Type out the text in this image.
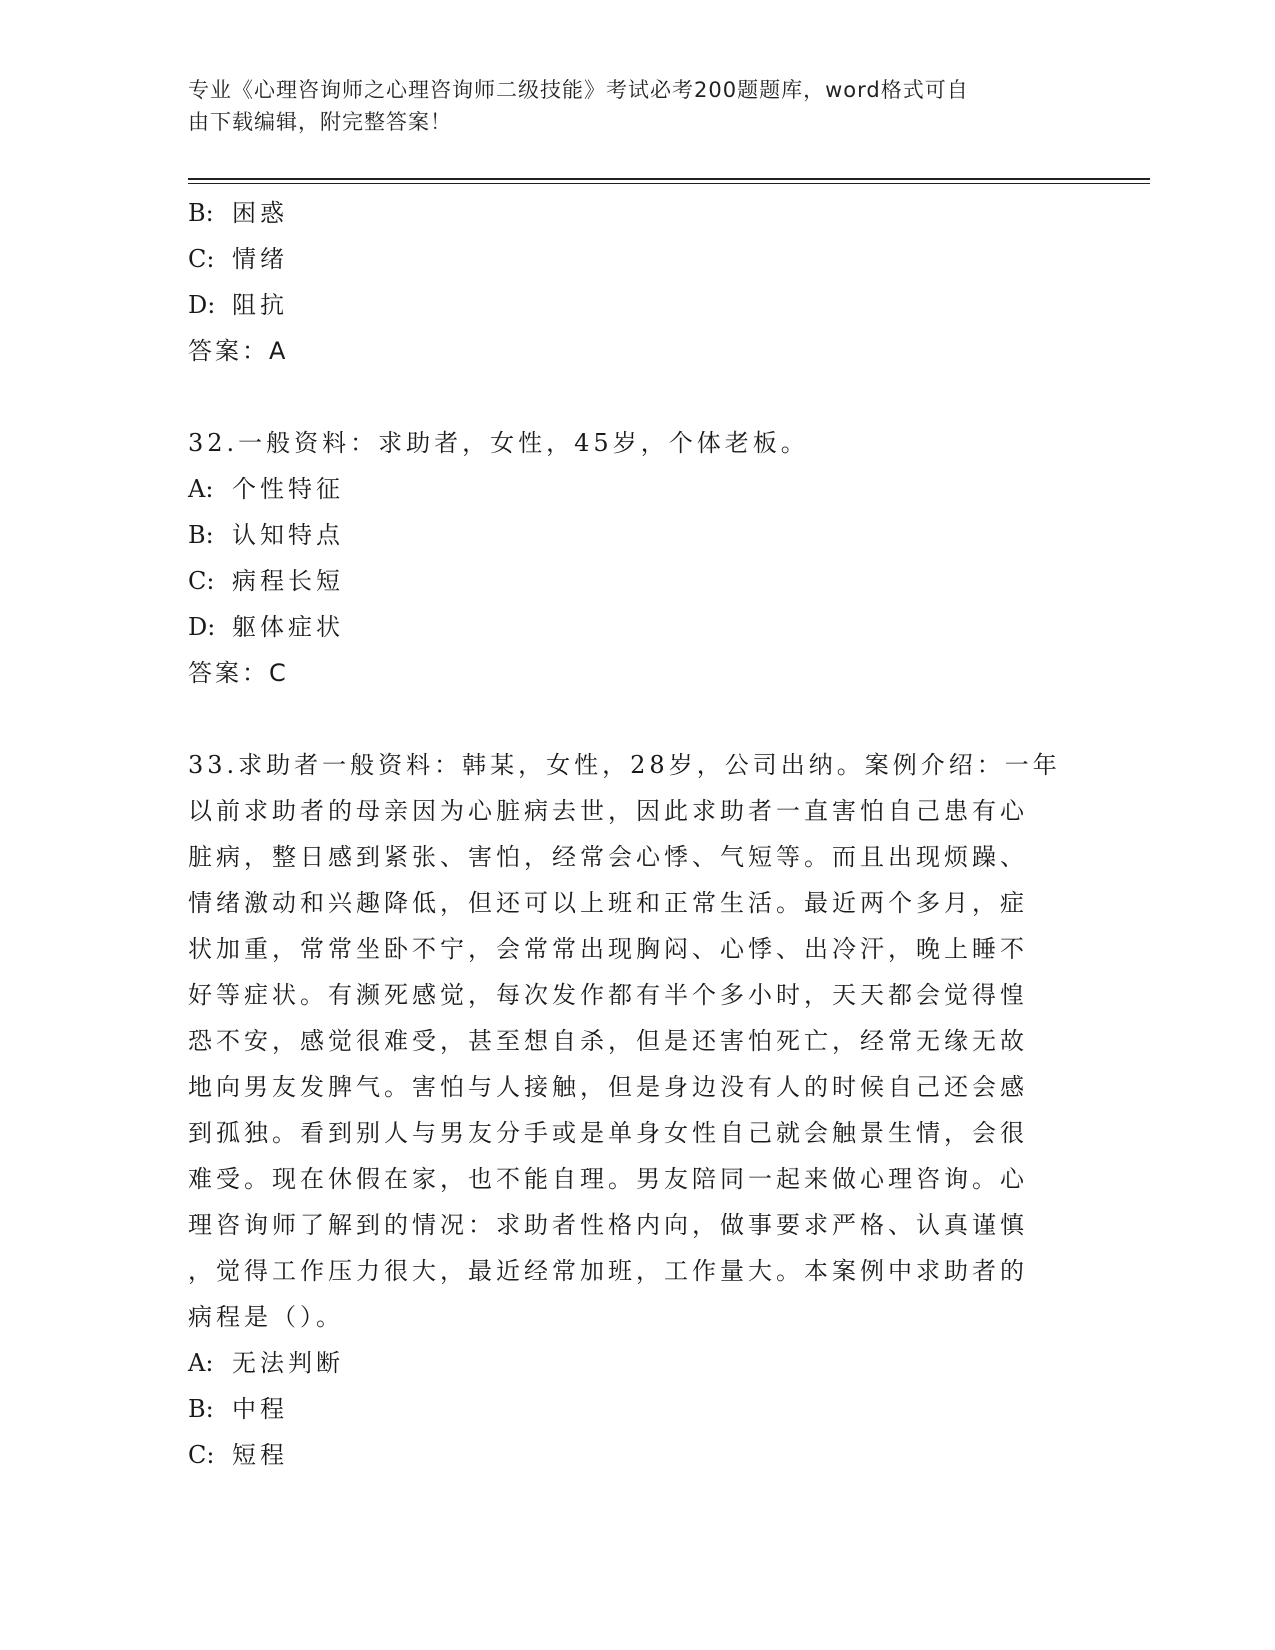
专业《心理咨询师之心理咨询师二级技能》考试必考200题题库，word格式可自
由下载编辑，附完整答案！
B: 困惑
C: 情绪
D: 阻抗
答案：A
32.一般资料：求助者，女性，45岁，个体老板。
A: 个性特征
B: 认知特点
C: 病程长短
D: 躯体症状
答案：C
33.求助者一般资料：韩某，女性，28岁，公司出纳。案例介绍：一年
以前求助者的母亲因为心脏病去世，因此求助者一直害怕自己患有心
脏病，整日感到紧张、害怕，经常会心悸、气短等。而且出现烦躁、
情绪激动和兴趣降低，但还可以上班和正常生活。最近两个多月，症
状加重，常常坐卧不宁，会常常出现胸闷、心悸、出冷汗，晚上睡不
好等症状。有濒死感觉，每次发作都有半个多小时，天天都会觉得惶
恐不安，感觉很难受，甚至想自杀，但是还害怕死亡，经常无缘无故
地向男友发脾气。害怕与人接触，但是身边没有人的时候自己还会感
到孤独。看到别人与男友分手或是单身女性自己就会触景生情，会很
难受。现在休假在家，也不能自理。男友陪同一起来做心理咨询。心
理咨询师了解到的情况：求助者性格内向，做事要求严格、认真谨慎
，觉得工作压力很大，最近经常加班，工作量大。本案例中求助者的
病程是（）。
A: 无法判断
B: 中程
C: 短程
